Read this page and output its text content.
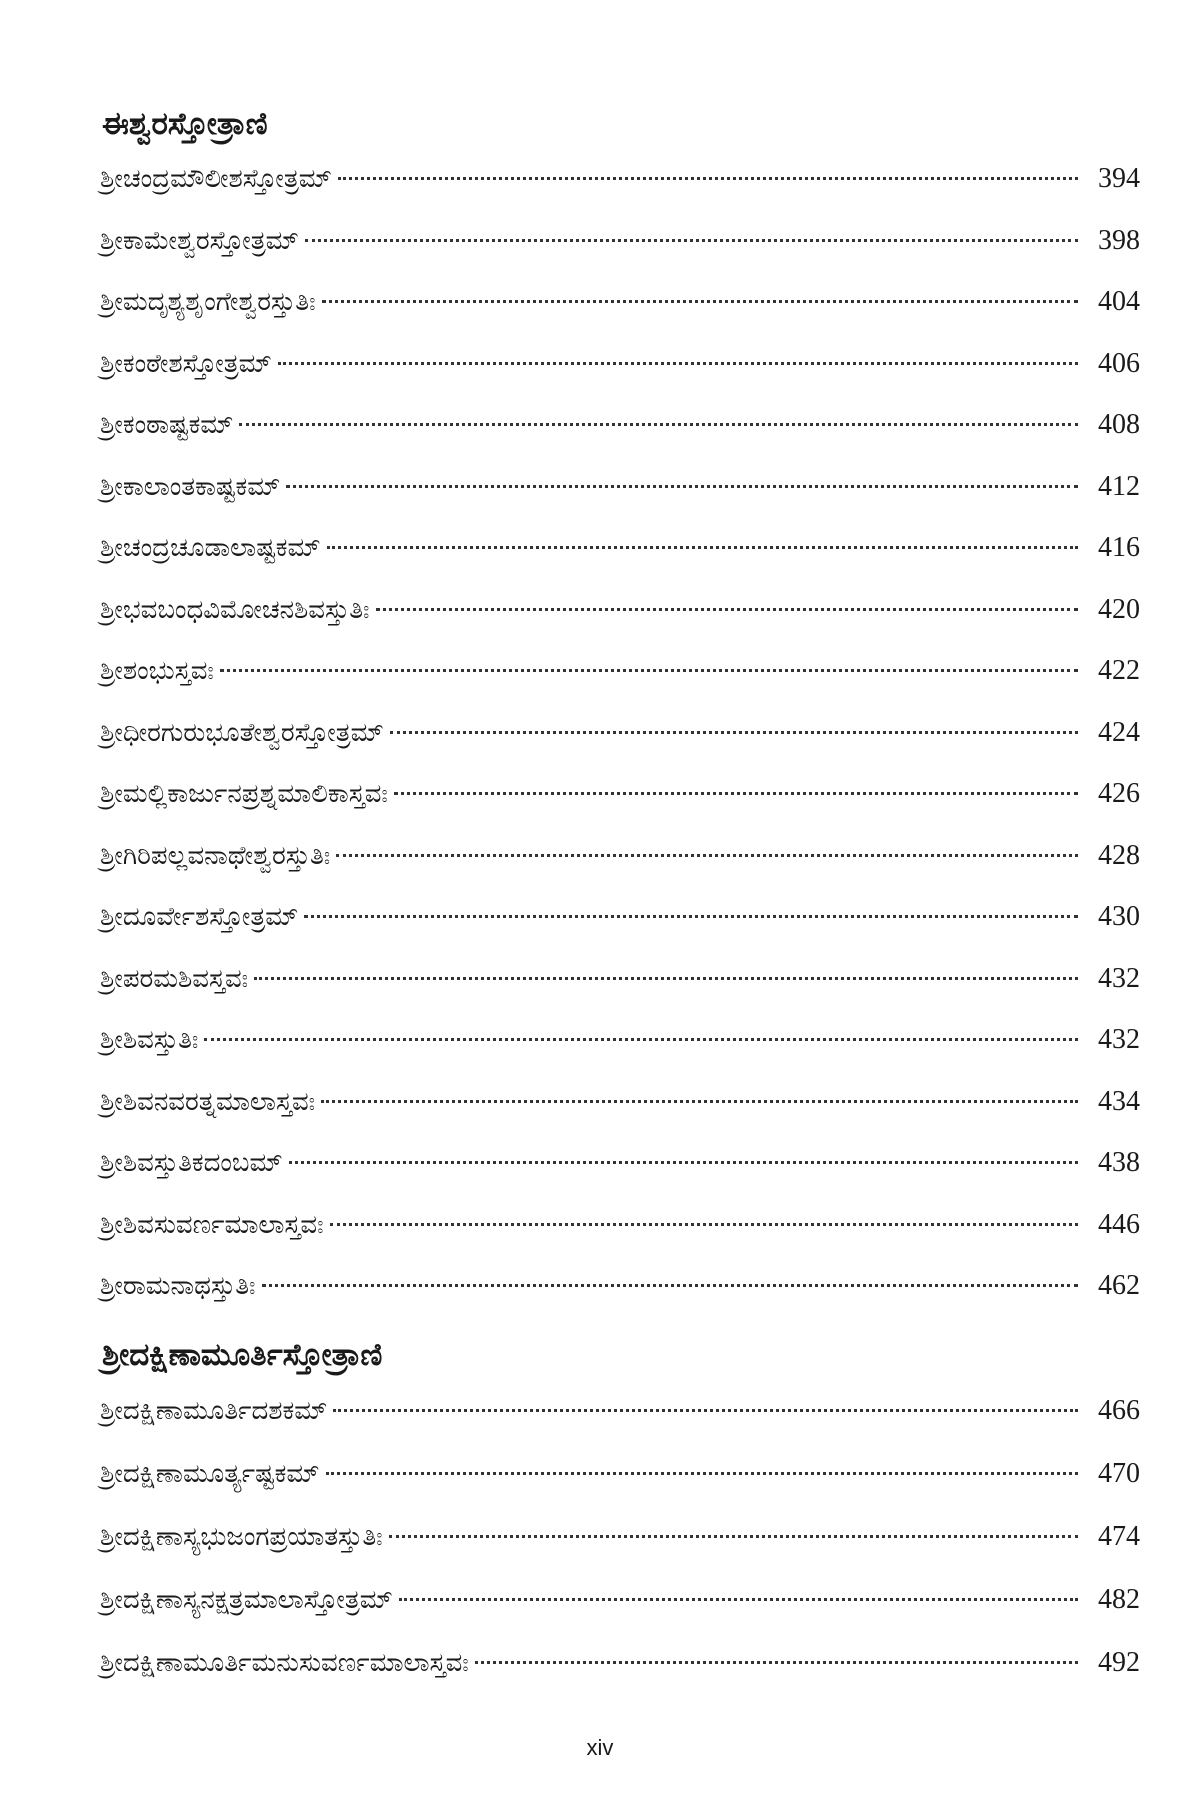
ಈಶ್ವರಸ್ತೋತ್ರಾಣಿ
ಶ್ರೀಚಂದ್ರಮೌಲೀಶಸ್ತೋತ್ರಮ್	394
ಶ್ರೀಕಾಮೇಶ್ವರಸ್ತೋತ್ರಮ್	398
ಶ್ರೀಮದೃಶ್ಯಶೃಂಗೇಶ್ವರಸ್ತುತಿಃ	404
ಶ್ರೀಕಂಠೇಶಸ್ತೋತ್ರಮ್	406
ಶ್ರೀಕಂಠಾಷ್ಟಕಮ್	408
ಶ್ರೀಕಾಲಾಂತಕಾಷ್ಟಕಮ್	412
ಶ್ರೀಚಂದ್ರಚೂಡಾಲಾಷ್ಟಕಮ್	416
ಶ್ರೀಭವಬಂಧವಿಮೋಚನಶಿವಸ್ತುತಿಃ	420
ಶ್ರೀಶಂಭುಸ್ತವಃ	422
ಶ್ರೀಧೀರಗುರುಭೂತೇಶ್ವರಸ್ತೋತ್ರಮ್	424
ಶ್ರೀಮಲ್ಲಿಕಾರ್ಜುನಪ್ರಶ್ನಮಾಲಿಕಾಸ್ತವಃ	426
ಶ್ರೀಗಿರಿಪಲ್ಲವನಾಥೇಶ್ವರಸ್ತುತಿಃ	428
ಶ್ರೀದೂರ್ವೇಶಸ್ತೋತ್ರಮ್	430
ಶ್ರೀಪರಮಶಿವಸ್ತವಃ	432
ಶ್ರೀಶಿವಸ್ತುತಿಃ	432
ಶ್ರೀಶಿವನವರತ್ನಮಾಲಾಸ್ತವಃ	434
ಶ್ರೀಶಿವಸ್ತುತಿಕದಂಬಮ್	438
ಶ್ರೀಶಿವಸುವರ್ಣಮಾಲಾಸ್ತವಃ	446
ಶ್ರೀರಾಮನಾಥಸ್ತುತಿಃ	462
ಶ್ರೀದಕ್ಷಿಣಾಮೂರ್ತಿಸ್ತೋತ್ರಾಣಿ
ಶ್ರೀದಕ್ಷಿಣಾಮೂರ್ತಿದಶಕಮ್	466
ಶ್ರೀದಕ್ಷಿಣಾಮೂರ್ತ್ಯಷ್ಟಕಮ್	470
ಶ್ರೀದಕ್ಷಿಣಾಸ್ಯಭುಜಂಗಪ್ರಯಾತಸ್ತುತಿಃ	474
ಶ್ರೀದಕ್ಷಿಣಾಸ್ಯನಕ್ಷತ್ರಮಾಲಾಸ್ತೋತ್ರಮ್	482
ಶ್ರೀದಕ್ಷಿಣಾಮೂರ್ತಿಮನುಸುವರ್ಣಮಾಲಾಸ್ತವಃ	492
xiv
